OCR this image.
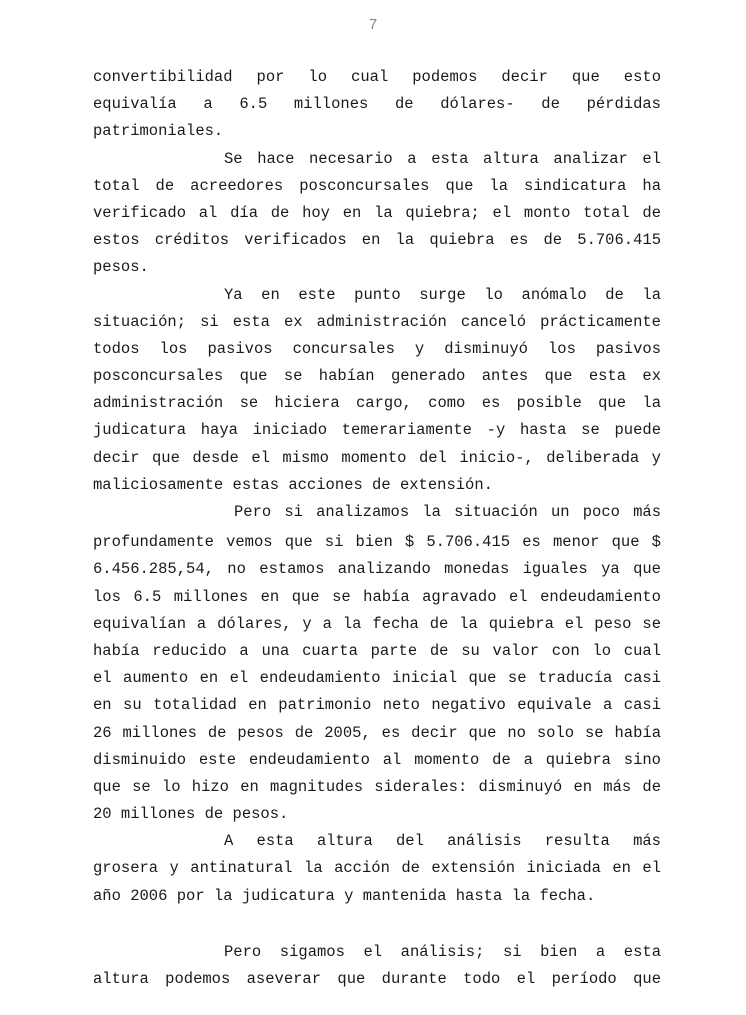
7
convertibilidad por lo cual podemos decir que esto
equivalía a 6.5 millones de dólares- de pérdidas
patrimoniales.
Se hace necesario a esta altura analizar el
total de acreedores posconcursales que la sindicatura ha
verificado al día de hoy en la quiebra; el monto total de
estos créditos verificados en la quiebra es de 5.706.415
pesos.
Ya en este punto surge lo anómalo de la
situación; si esta ex administración canceló prácticamente
todos los pasivos concursales y disminuyó los pasivos
posconcursales que se habían generado antes que esta ex
administración se hiciera cargo, como es posible que la
judicatura haya iniciado temerariamente -y hasta se puede
decir que desde el mismo momento del inicio-, deliberada y
maliciosamente estas acciones de extensión.
Pero si analizamos la situación un poco más
profundamente vemos que si bien $ 5.706.415 es menor que $
6.456.285,54, no estamos analizando monedas iguales ya que
los 6.5 millones en que se había agravado el endeudamiento
equivalían a dólares, y a la fecha de la quiebra el peso se
había reducido a una cuarta parte de su valor con lo cual
el aumento en el endeudamiento inicial que se traducía casi
en su totalidad en patrimonio neto negativo equivale a casi
26 millones de pesos de 2005, es decir que no solo se había
disminuido este endeudamiento al momento de a quiebra sino
que se lo hizo en magnitudes siderales: disminuyó en más de
20 millones de pesos.
A esta altura del análisis resulta más
grosera y antinatural la acción de extensión iniciada en el
año 2006 por la judicatura y mantenida hasta la fecha.
Pero sigamos el análisis; si bien a esta
altura podemos aseverar que durante todo el período que
